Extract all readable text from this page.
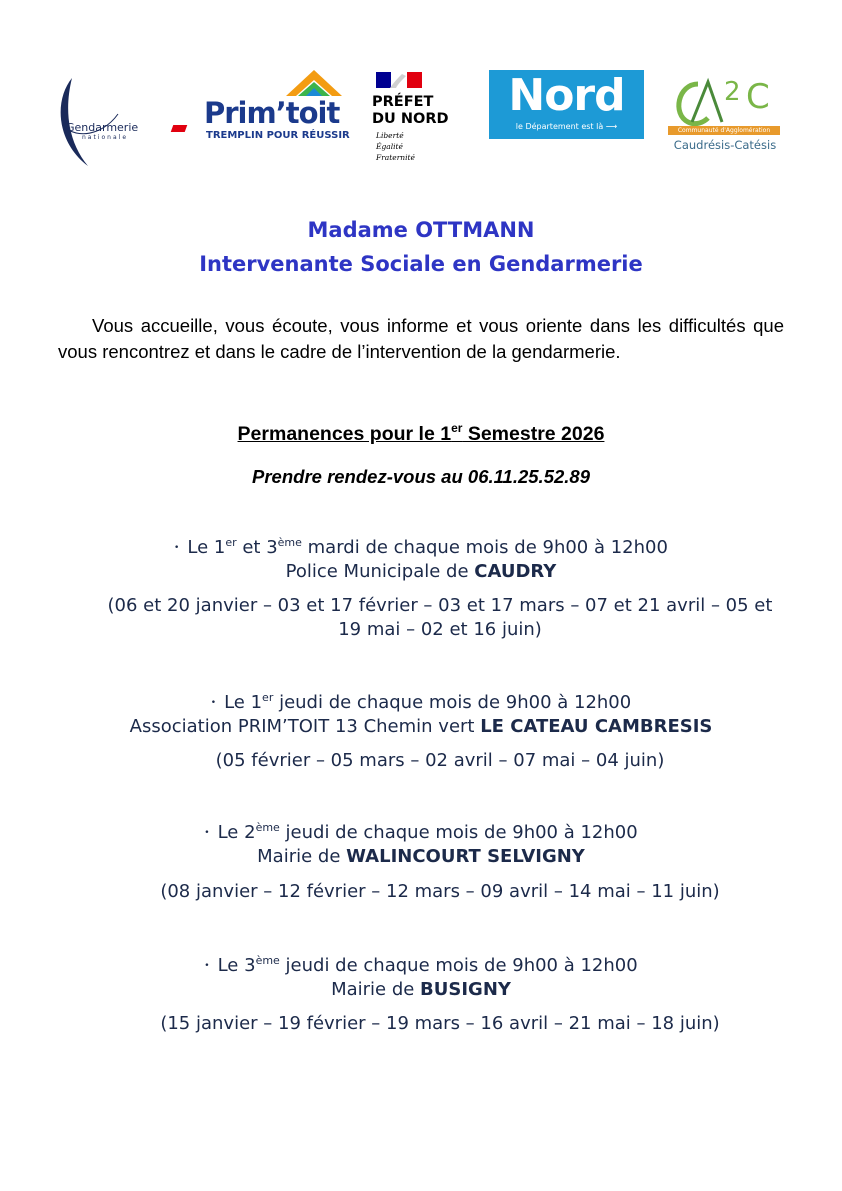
Gendarmerie
nationale
Prim’toit
TREMPLIN POUR RÉUSSIR
PRÉFET
DU NORD
Liberté
Égalité
Fraternité
Nord
le Département est là ⟶
2 C
Communauté d'Agglomération
Caudrésis-Catésis
Madame OTTMANN
Intervenante Sociale en Gendarmerie
Vous accueille, vous écoute, vous informe et vous oriente dans les difficultés que vous rencontrez et dans le cadre de l’intervention de la gendarmerie.
Permanences pour le 1er Semestre 2026
Prendre rendez-vous au 06.11.25.52.89
• Le 1er et 3ème mardi de chaque mois de 9h00 à 12h00
Police Municipale de CAUDRY
(06 et 20 janvier – 03 et 17 février – 03 et 17 mars – 07 et 21 avril – 05 et 19 mai – 02 et 16 juin)
• Le 1er jeudi de chaque mois de 9h00 à 12h00
Association PRIM’TOIT 13 Chemin vert LE CATEAU CAMBRESIS
(05 février – 05 mars – 02 avril – 07 mai – 04 juin)
• Le 2ème jeudi de chaque mois de 9h00 à 12h00
Mairie de WALINCOURT SELVIGNY
(08 janvier – 12 février – 12 mars – 09 avril – 14 mai – 11 juin)
• Le 3ème jeudi de chaque mois de 9h00 à 12h00
Mairie de BUSIGNY
(15 janvier – 19 février – 19 mars – 16 avril – 21 mai – 18 juin)
